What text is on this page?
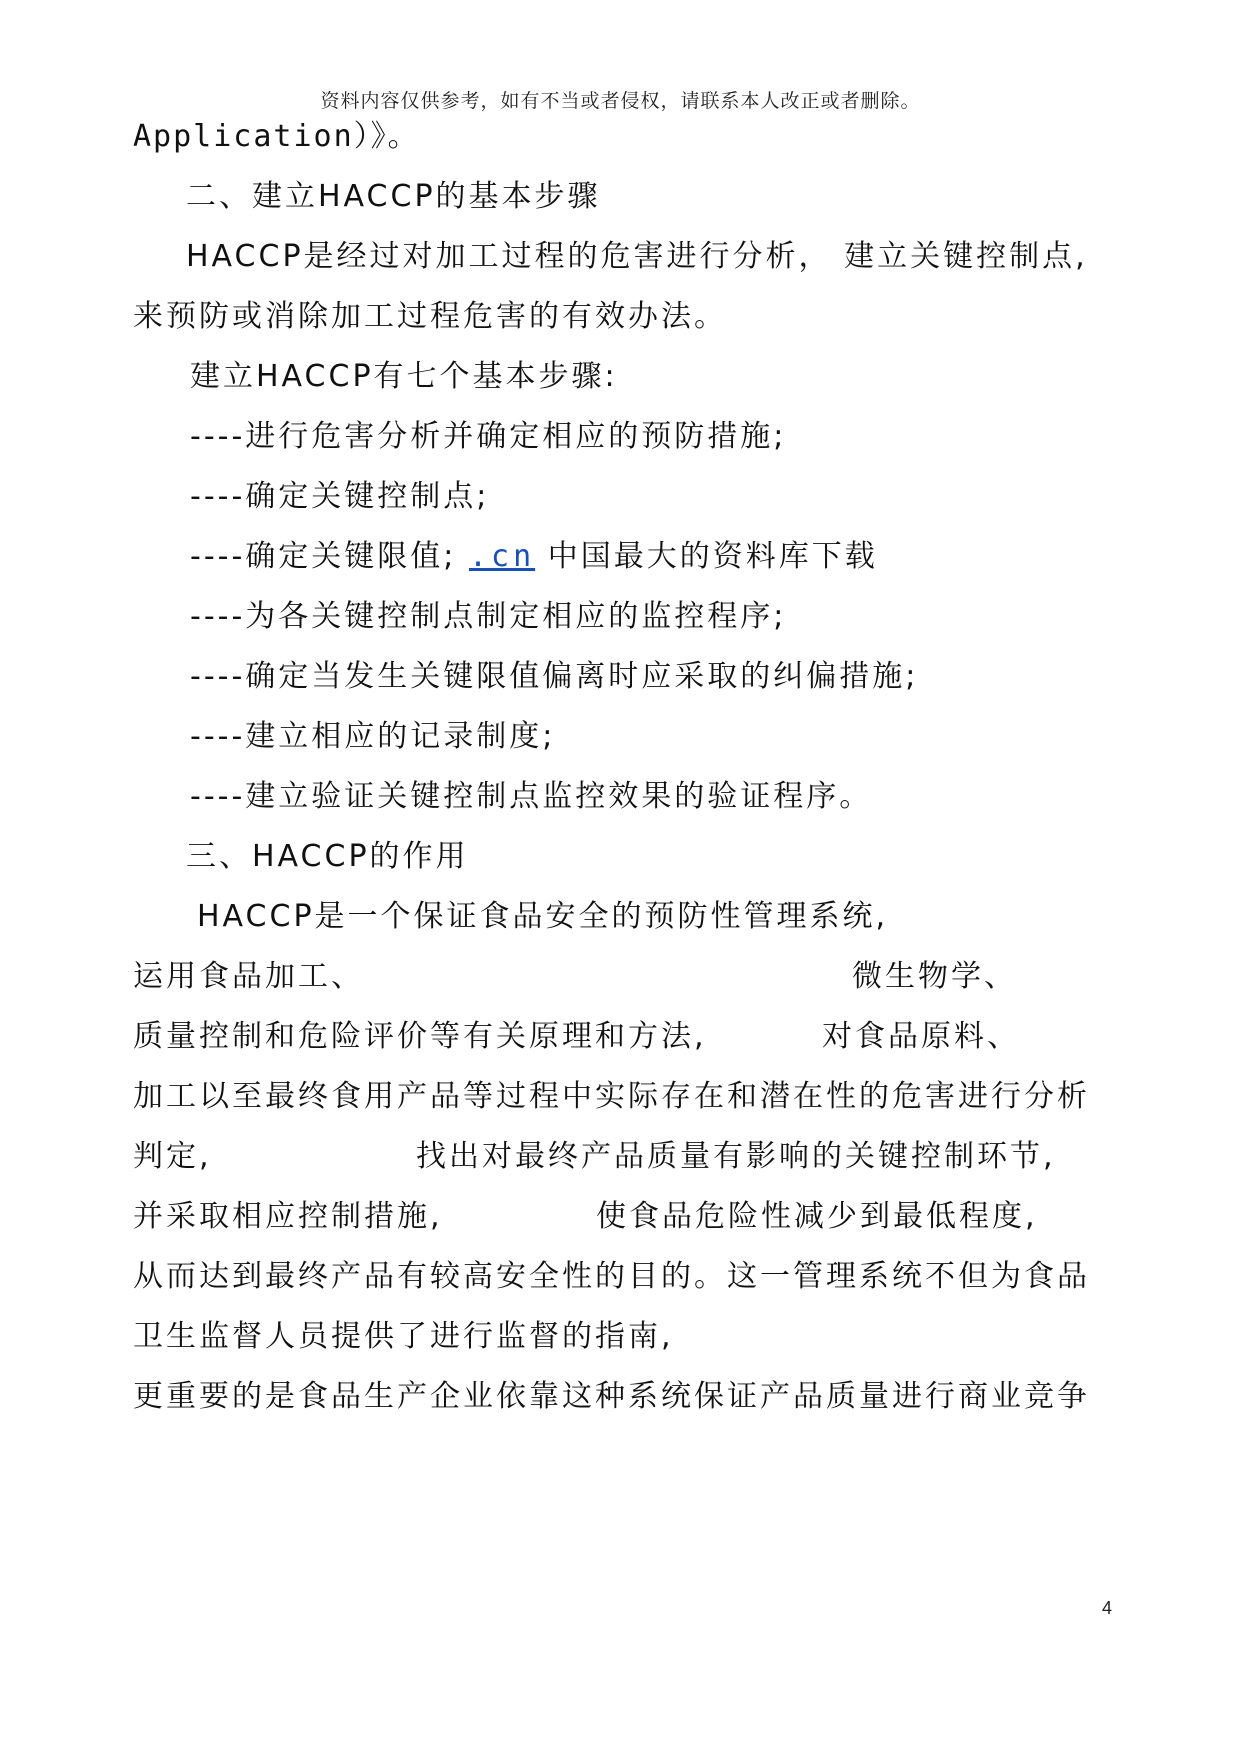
资料内容仅供参考，如有不当或者侵权，请联系本人改正或者删除。
Application）》。
二、建立HACCP的基本步骤
HACCP是经过对加工过程的危害进行分析， 建立关键控制点,
来预防或消除加工过程危害的有效办法。
建立HACCP有七个基本步骤:
----进行危害分析并确定相应的预防措施;
----确定关键控制点;
----确定关键限值; .cn 中国最大的资料库下载
----为各关键控制点制定相应的监控程序;
----确定当发生关键限值偏离时应采取的纠偏措施;
----建立相应的记录制度;
----建立验证关键控制点监控效果的验证程序。
三、HACCP的作用
HACCP是一个保证食品安全的预防性管理系统,
运用食品加工、	微生物学、
质量控制和危险评价等有关原理和方法,	对食品原料、
加工以至最终食用产品等过程中实际存在和潜在性的危害进行分析
判定,	找出对最终产品质量有影响的关键控制环节,
并采取相应控制措施,	使食品危险性减少到最低程度,
从而达到最终产品有较高安全性的目的。这一管理系统不但为食品
卫生监督人员提供了进行监督的指南,
更重要的是食品生产企业依靠这种系统保证产品质量进行商业竞争
4
